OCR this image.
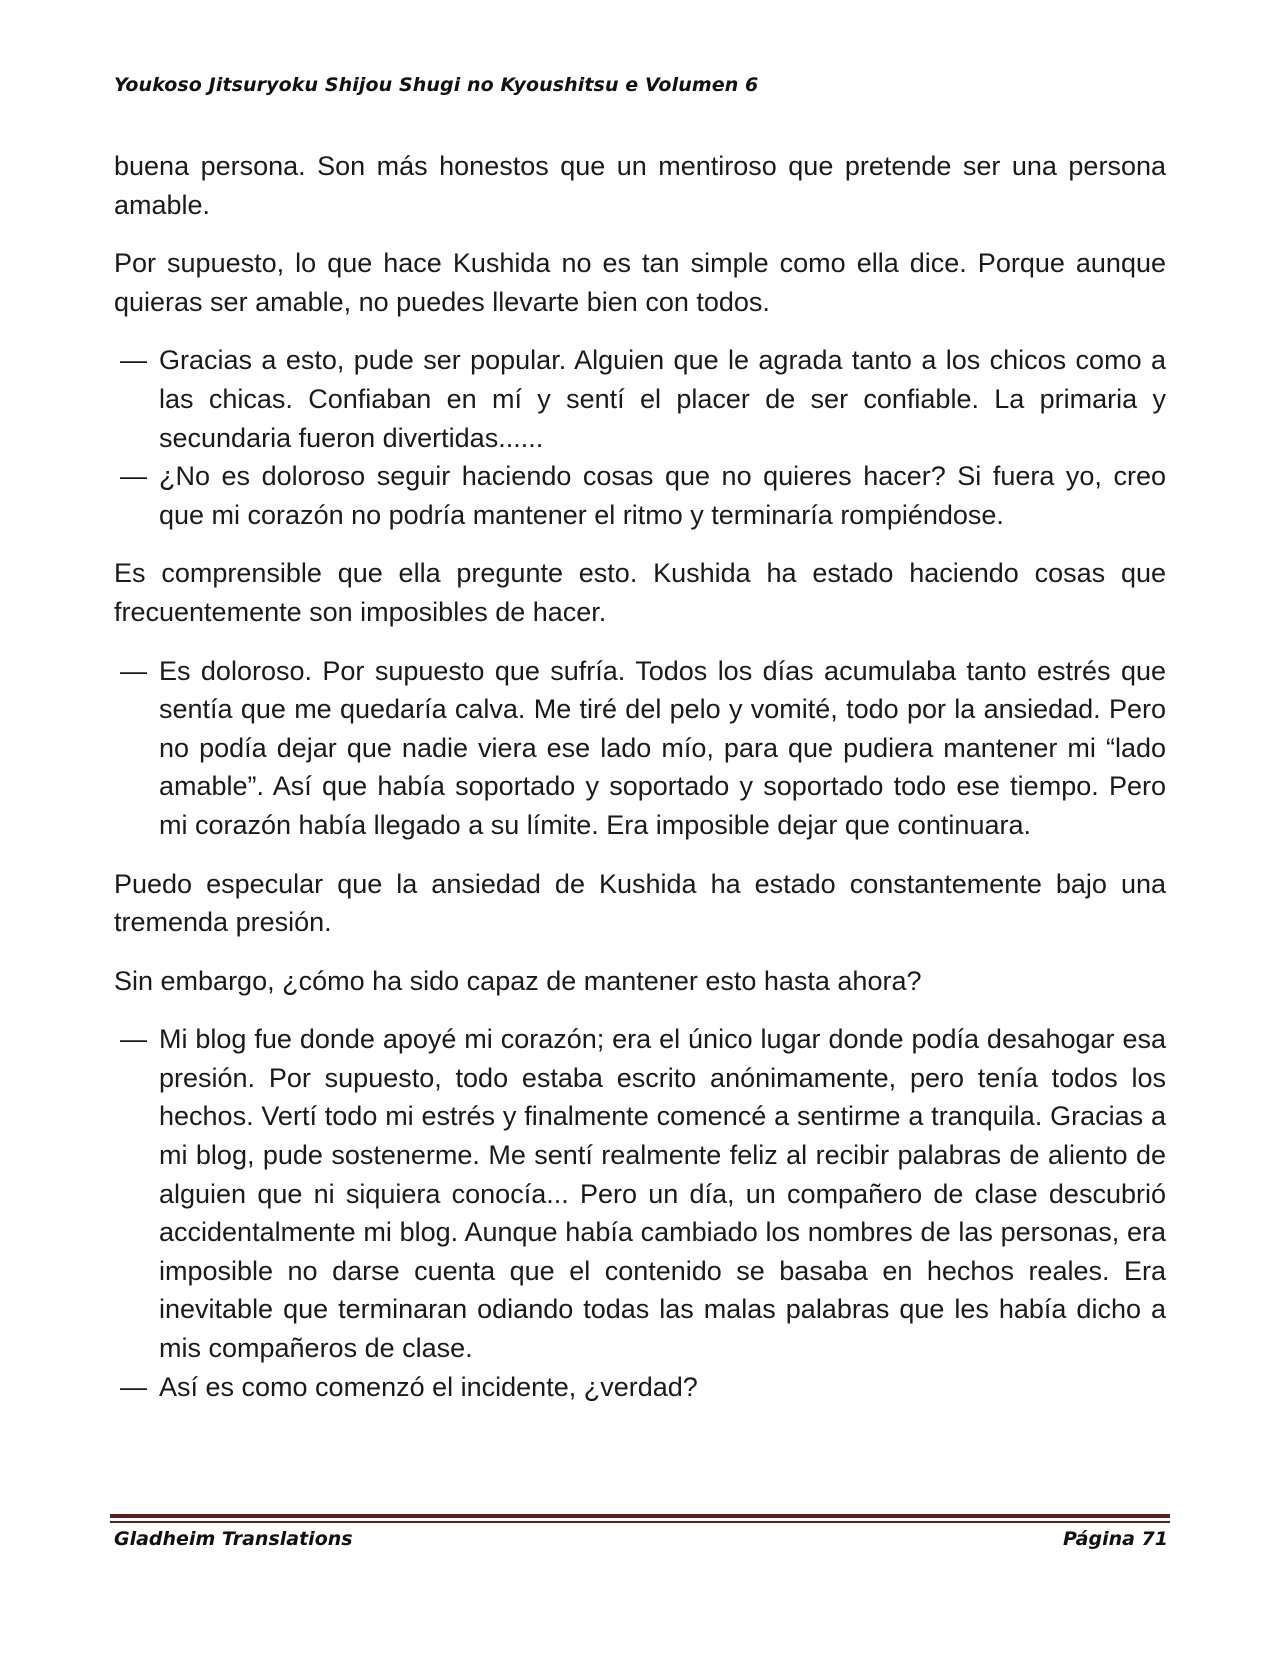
Youkoso Jitsuryoku Shijou Shugi no Kyoushitsu e Volumen 6

buena persona. Son más honestos que un mentiroso que pretende ser una persona amable.

Por supuesto, lo que hace Kushida no es tan simple como ella dice. Porque aunque quieras ser amable, no puedes llevarte bien con todos.

— Gracias a esto, pude ser popular. Alguien que le agrada tanto a los chicos como a las chicas. Confiaban en mí y sentí el placer de ser confiable. La primaria y secundaria fueron divertidas......
— ¿No es doloroso seguir haciendo cosas que no quieres hacer? Si fuera yo, creo que mi corazón no podría mantener el ritmo y terminaría rompiéndose.

Es comprensible que ella pregunte esto. Kushida ha estado haciendo cosas que frecuentemente son imposibles de hacer.

— Es doloroso. Por supuesto que sufría. Todos los días acumulaba tanto estrés que sentía que me quedaría calva. Me tiré del pelo y vomité, todo por la ansiedad. Pero no podía dejar que nadie viera ese lado mío, para que pudiera mantener mi “lado amable”. Así que había soportado y soportado y soportado todo ese tiempo. Pero mi corazón había llegado a su límite. Era imposible dejar que continuara.

Puedo especular que la ansiedad de Kushida ha estado constantemente bajo una tremenda presión.

Sin embargo, ¿cómo ha sido capaz de mantener esto hasta ahora?

— Mi blog fue donde apoyé mi corazón; era el único lugar donde podía desahogar esa presión. Por supuesto, todo estaba escrito anónimamente, pero tenía todos los hechos. Vertí todo mi estrés y finalmente comencé a sentirme a tranquila. Gracias a mi blog, pude sostenerme. Me sentí realmente feliz al recibir palabras de aliento de alguien que ni siquiera conocía... Pero un día, un compañero de clase descubrió accidentalmente mi blog. Aunque había cambiado los nombres de las personas, era imposible no darse cuenta que el contenido se basaba en hechos reales. Era inevitable que terminaran odiando todas las malas palabras que les había dicho a mis compañeros de clase.
— Así es como comenzó el incidente, ¿verdad?
Gladheim Translations	Página 71
